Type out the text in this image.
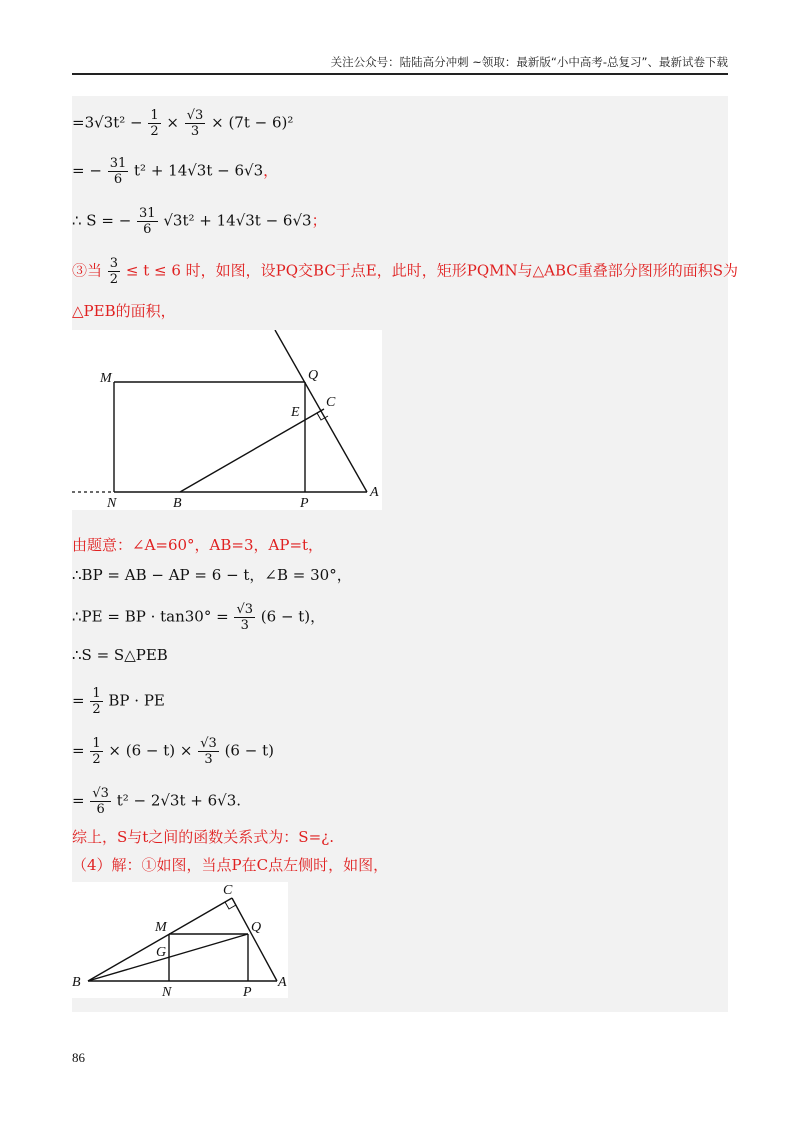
关注公众号：陆陆高分冲刺 ~领取：最新版“小中高考-总复习”、最新试卷下载
$=3√3t^2 - \frac{1}{2} \times \frac{√3}{3} \times (7t - 6)^2$
= − $\frac{31}{6} t^2 + 14√3t - 6√3$，
∴ S = − $\frac{31}{6} √3t^2 + 14√3t - 6√3$；
③当 $\frac{3}{2} \le t \le 6$ 时，如图，设PQ交BC于点E，此时，矩形PQMN与△ABC重叠部分图形的面积S为
△PEB的面积，
M	Q
E
C
N	B	P
A
由题意：∠A=60°，AB=3，AP=t，
∴BP = AB − AP = 6 − t，∠B = 30°，
∴PE = BP · $\tan 30^\circ = \frac{√3}{3} (6 - t)$，
∴S = S△PEB
= $\frac{1}{2}$ BP · PE
= $\frac{1}{2} \times (6 - t) \times \frac{√3}{3} (6 - t)$
= $\frac{√3}{6} t^2 - 2√3t + 6√3$.
综上，S与t之间的函数关系式为：S=¿.
（4）解：①如图，当点P在C点左侧时，如图，
C
M	Q
G
B
N	P
A
86
